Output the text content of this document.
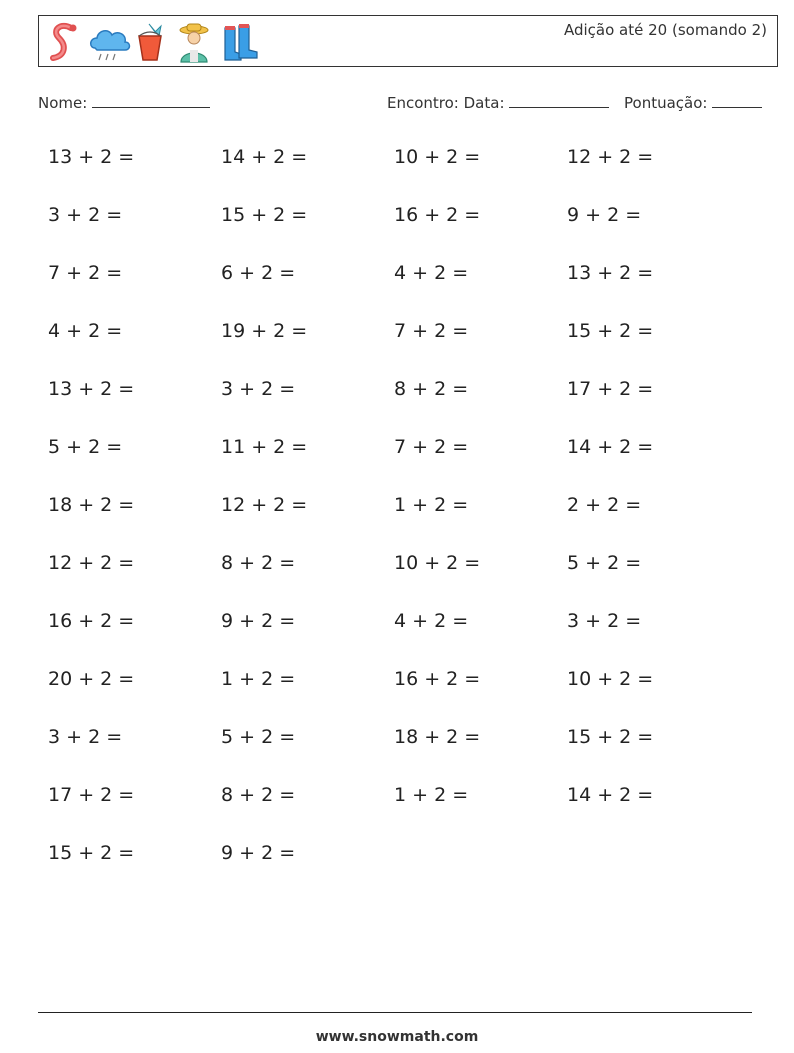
Adição até 20 (somando 2)
Nome:	Encontro: Data:	Pontuação:
13 + 2 =	14 + 2 =	10 + 2 =	12 + 2 =
3 + 2 =	15 + 2 =	16 + 2 =	9 + 2 =
7 + 2 =	6 + 2 =	4 + 2 =	13 + 2 =
4 + 2 =	19 + 2 =	7 + 2 =	15 + 2 =
13 + 2 =	3 + 2 =	8 + 2 =	17 + 2 =
5 + 2 =	11 + 2 =	7 + 2 =	14 + 2 =
18 + 2 =	12 + 2 =	1 + 2 =	2 + 2 =
12 + 2 =	8 + 2 =	10 + 2 =	5 + 2 =
16 + 2 =	9 + 2 =	4 + 2 =	3 + 2 =
20 + 2 =	1 + 2 =	16 + 2 =	10 + 2 =
3 + 2 =	5 + 2 =	18 + 2 =	15 + 2 =
17 + 2 =	8 + 2 =	1 + 2 =	14 + 2 =
15 + 2 =	9 + 2 =
www.snowmath.com
